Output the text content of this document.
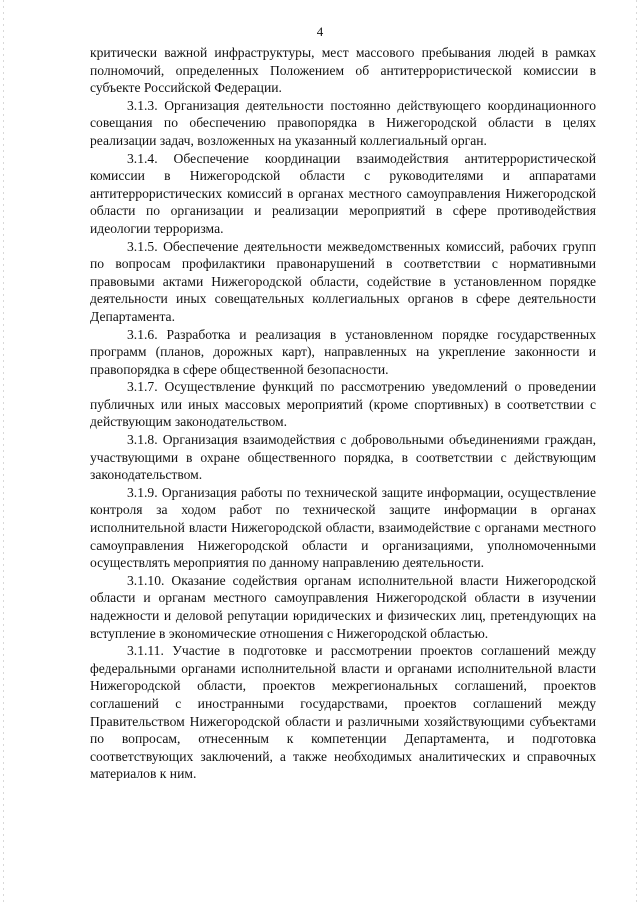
4

критически важной инфраструктуры, мест массового пребывания людей в рамках полномочий, определенных Положением об антитеррористической комиссии в субъекте Российской Федерации.

3.1.3. Организация деятельности постоянно действующего координационного совещания по обеспечению правопорядка в Нижегородской области в целях реализации задач, возложенных на указанный коллегиальный орган.

3.1.4. Обеспечение координации взаимодействия антитеррористической комиссии в Нижегородской области с руководителями и аппаратами антитеррористических комиссий в органах местного самоуправления Нижегородской области по организации и реализации мероприятий в сфере противодействия идеологии терроризма.

3.1.5. Обеспечение деятельности межведомственных комиссий, рабочих групп по вопросам профилактики правонарушений в соответствии с нормативными правовыми актами Нижегородской области, содействие в установленном порядке деятельности иных совещательных коллегиальных органов в сфере деятельности Департамента.

3.1.6. Разработка и реализация в установленном порядке государственных программ (планов, дорожных карт), направленных на укрепление законности и правопорядка в сфере общественной безопасности.

3.1.7. Осуществление функций по рассмотрению уведомлений о проведении публичных или иных массовых мероприятий (кроме спортивных) в соответствии с действующим законодательством.

3.1.8. Организация взаимодействия с добровольными объединениями граждан, участвующими в охране общественного порядка, в соответствии с действующим законодательством.

3.1.9. Организация работы по технической защите информации, осуществление контроля за ходом работ по технической защите информации в органах исполнительной власти Нижегородской области, взаимодействие с органами местного самоуправления Нижегородской области и организациями, уполномоченными осуществлять мероприятия по данному направлению деятельности.

3.1.10. Оказание содействия органам исполнительной власти Нижегородской области и органам местного самоуправления Нижегородской области в изучении надежности и деловой репутации юридических и физических лиц, претендующих на вступление в экономические отношения с Нижегородской областью.

3.1.11. Участие в подготовке и рассмотрении проектов соглашений между федеральными органами исполнительной власти и органами исполнительной власти Нижегородской области, проектов межрегиональных соглашений, проектов соглашений с иностранными государствами, проектов соглашений между Правительством Нижегородской области и различными хозяйствующими субъектами по вопросам, отнесенным к компетенции Департамента, и подготовка соответствующих заключений, а также необходимых аналитических и справочных материалов к ним.
